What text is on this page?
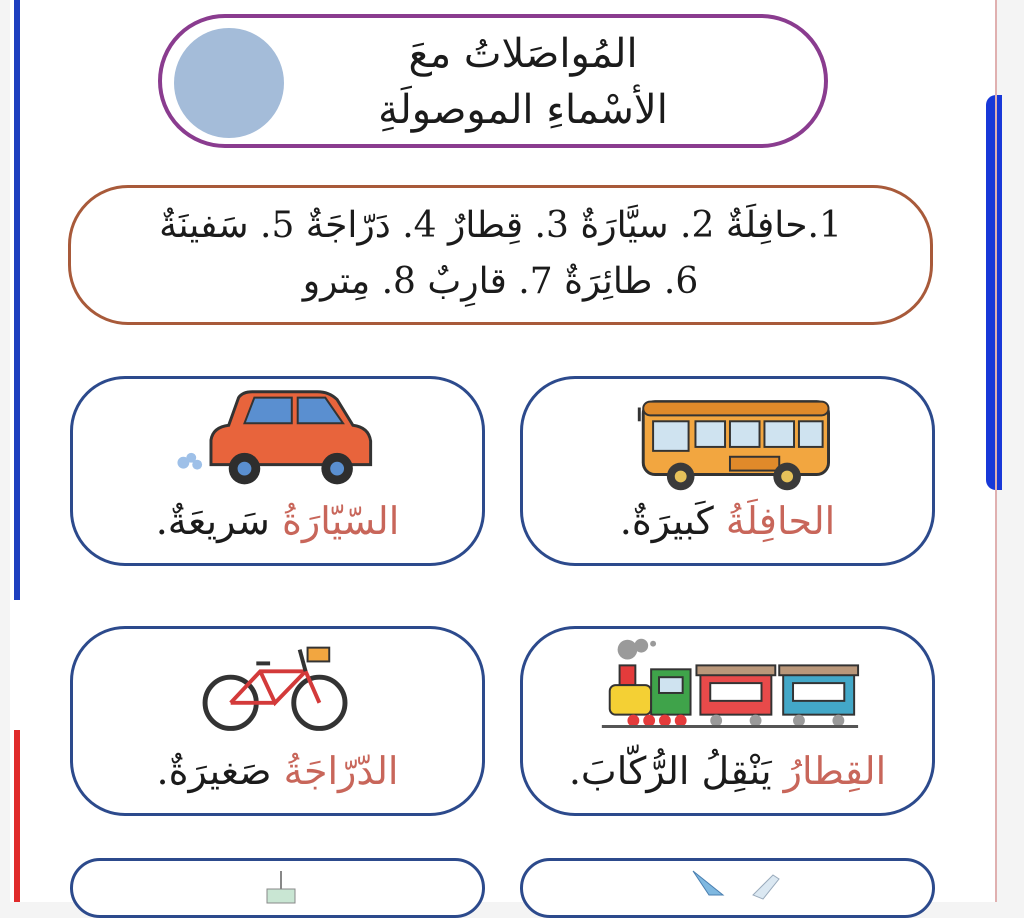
المُواصَلاتُ معَ
الأسْماءِ الموصولَةِ
1.حافِلَةٌ 2. سيَّارَةٌ 3. قِطارٌ 4. دَرّاجَةٌ 5. سَفينَةٌ
6. طائِرَةٌ 7. قارِبٌ 8. مِترو
الحافِلَةُ كَبيرَةٌ.
السّيّارَةُ سَريعَةٌ.
القِطارُ يَنْقِلُ الرُّكّابَ.
الدّرّاجَةُ صَغيرَةٌ.
